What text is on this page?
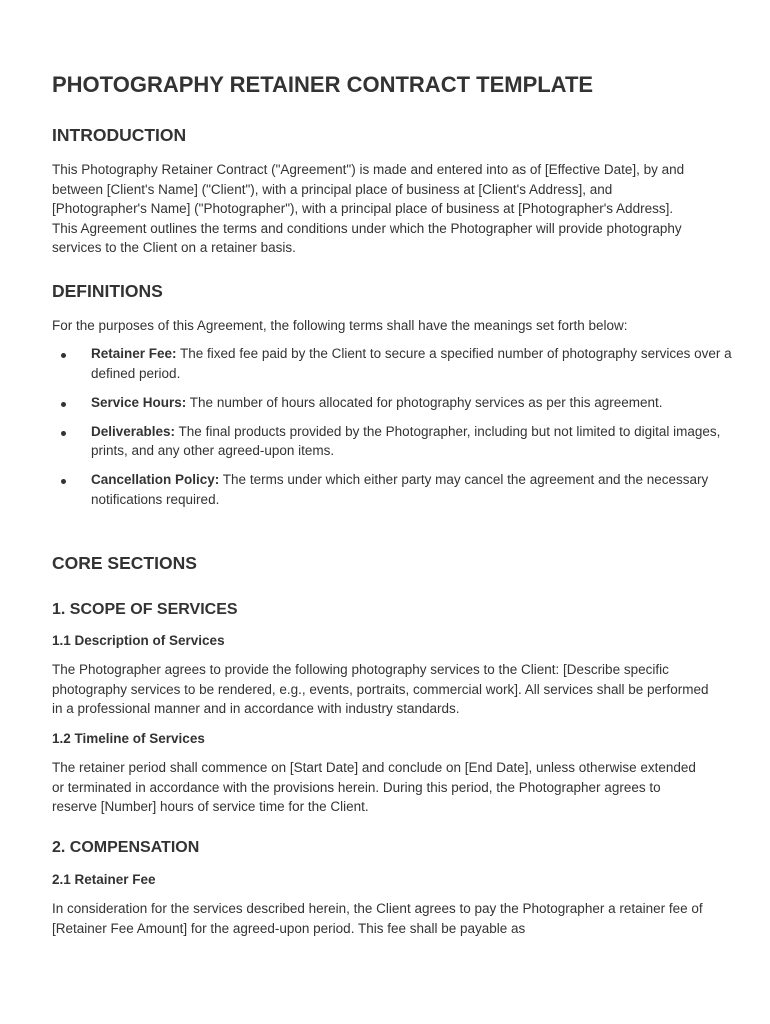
PHOTOGRAPHY RETAINER CONTRACT TEMPLATE
INTRODUCTION

This Photography Retainer Contract ("Agreement") is made and entered into as of [Effective Date], by and between [Client's Name] ("Client"), with a principal place of business at [Client's Address], and [Photographer's Name] ("Photographer"), with a principal place of business at [Photographer's Address]. This Agreement outlines the terms and conditions under which the Photographer will provide photography services to the Client on a retainer basis.

DEFINITIONS

For the purposes of this Agreement, the following terms shall have the meanings set forth below:

Retainer Fee: The fixed fee paid by the Client to secure a specified number of photography services over a defined period.
Service Hours: The number of hours allocated for photography services as per this agreement.
Deliverables: The final products provided by the Photographer, including but not limited to digital images, prints, and any other agreed-upon items.
Cancellation Policy: The terms under which either party may cancel the agreement and the necessary notifications required.
CORE SECTIONS
1. SCOPE OF SERVICES
1.1 Description of Services

The Photographer agrees to provide the following photography services to the Client: [Describe specific photography services to be rendered, e.g., events, portraits, commercial work]. All services shall be performed in a professional manner and in accordance with industry standards.

1.2 Timeline of Services

The retainer period shall commence on [Start Date] and conclude on [End Date], unless otherwise extended or terminated in accordance with the provisions herein. During this period, the Photographer agrees to reserve [Number] hours of service time for the Client.

2. COMPENSATION
2.1 Retainer Fee

In consideration for the services described herein, the Client agrees to pay the Photographer a retainer fee of [Retainer Fee Amount] for the agreed-upon period. This fee shall be payable as
